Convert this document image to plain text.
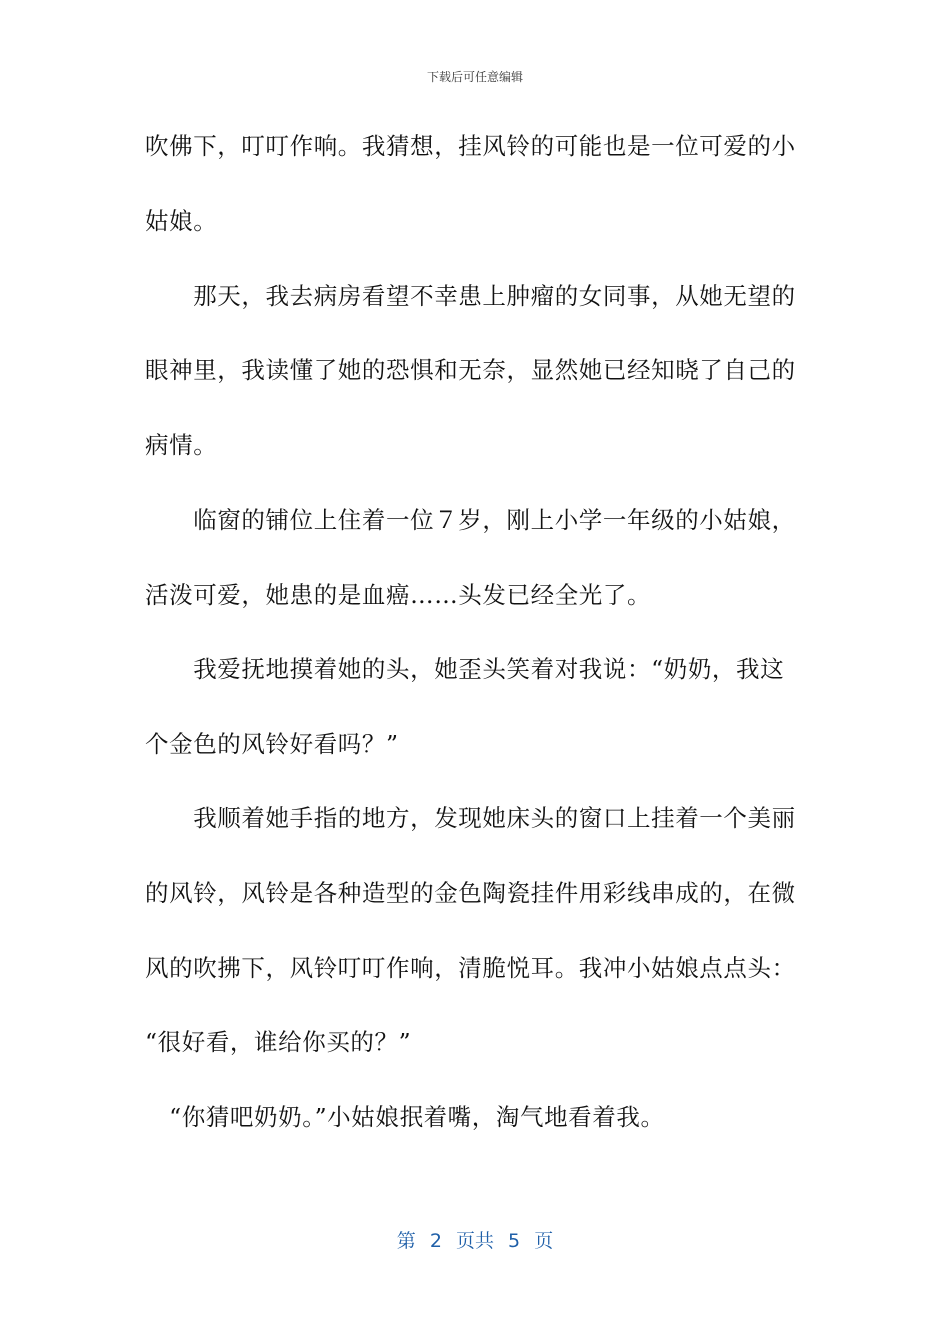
下载后可任意编辑
吹佛下，叮叮作响。我猜想，挂风铃的可能也是一位可爱的小
姑娘。
　　那天，我去病房看望不幸患上肿瘤的女同事，从她无望的
眼神里，我读懂了她的恐惧和无奈，显然她已经知晓了自己的
病情。
　　临窗的铺位上住着一位７岁，刚上小学一年级的小姑娘，
活泼可爱，她患的是血癌……头发已经全光了。
　　我爱抚地摸着她的头，她歪头笑着对我说：“奶奶，我这
个金色的风铃好看吗？”
　　我顺着她手指的地方，发现她床头的窗口上挂着一个美丽
的风铃，风铃是各种造型的金色陶瓷挂件用彩线串成的，在微
风的吹拂下，风铃叮叮作响，清脆悦耳。我冲小姑娘点点头：
“很好看，谁给你买的？”
　“你猜吧奶奶。”小姑娘抿着嘴，淘气地看着我。
第 2 页共 5 页
